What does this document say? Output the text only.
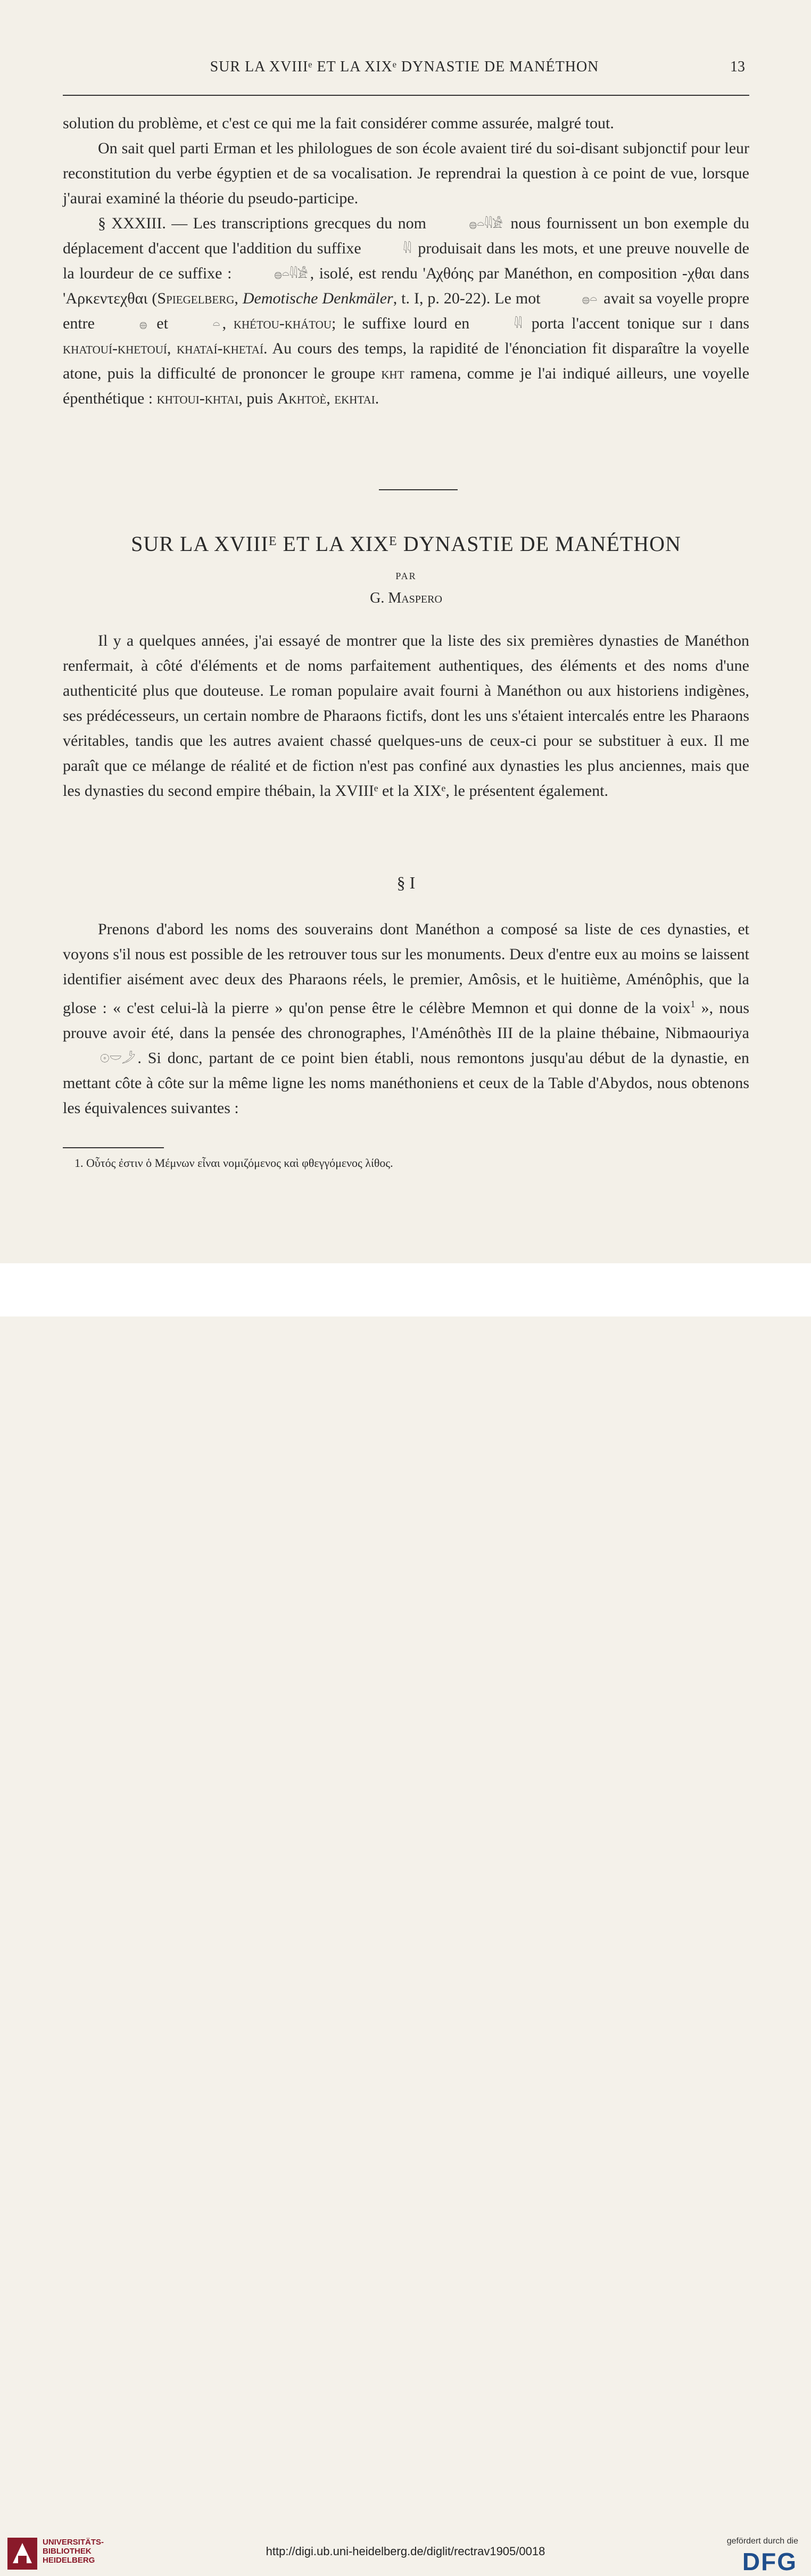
SUR LA XVIIIᵉ ET LA XIXᵉ DYNASTIE DE MANÉTHON	13

solution du problème, et c'est ce qui me la fait considérer comme assurée, malgré tout.

On sait quel parti Erman et les philologues de son école avaient tiré du soi-disant subjonctif pour leur reconstitution du verbe égyptien et de sa vocalisation. Je reprendrai la question à ce point de vue, lorsque j'aurai examiné la théorie du pseudo-participe.

§ XXXIII. — Les transcriptions grecques du nom	𓐍𓏏𓇋𓇋𓀀 nous fournissent un bon exemple du déplacement d'accent que l'addition du suffixe	𓇋𓇋 produisait dans les mots, et une preuve nouvelle de la lourdeur de ce suffixe :	𓐍𓏏𓇋𓇋𓀀 , isolé, est rendu 'Αχθόης par Manéthon, en composition -χθαι dans 'Αρκεντεχθαι (Spiegelberg, Demotische Denkmäler, t. I, p. 20-22). Le mot	𓐍𓏏 avait sa voyelle propre entre	𓐍 et	𓏏 , khétou-khátou; le suffixe lourd en	𓇋𓇋 porta l'accent tonique sur i dans khatouí-khetouí, khataí-khetaí. Au cours des temps, la rapidité de l'énonciation fit disparaître la voyelle atone, puis la difficulté de prononcer le groupe kht ramena, comme je l'ai indiqué ailleurs, une voyelle épenthétique : khtoui-khtai, puis Akhtoè, ekhtai.

SUR LA XVIIIᴱ ET LA XIXᴱ DYNASTIE DE MANÉTHON
PAR
G. Maspero

Il y a quelques années, j'ai essayé de montrer que la liste des six premières dynasties de Manéthon renfermait, à côté d'éléments et de noms parfaitement authentiques, des éléments et des noms d'une authenticité plus que douteuse. Le roman populaire avait fourni à Manéthon ou aux historiens indigènes, ses prédécesseurs, un certain nombre de Pharaons fictifs, dont les uns s'étaient intercalés entre les Pharaons véritables, tandis que les autres avaient chassé quelques-uns de ceux-ci pour se substituer à eux. Il me paraît que ce mélange de réalité et de fiction n'est pas confiné aux dynasties les plus anciennes, mais que les dynasties du second empire thébain, la XVIIIᵉ et la XIXᵉ, le présentent également.

§ I

Prenons d'abord les noms des souverains dont Manéthon a composé sa liste de ces dynasties, et voyons s'il nous est possible de les retrouver tous sur les monuments. Deux d'entre eux au moins se laissent identifier aisément avec deux des Pharaons réels, le premier, Amôsis, et le huitième, Aménôphis, que la glose : « c'est celui-là la pierre » qu'on pense être le célèbre Memnon et qui donne de la voix$^1$ », nous prouve avoir été, dans la pensée des chronographes, l'Aménôthès III de la plaine thébaine, Nibmaouriya 𓇳𓎟𓌳 . Si donc, partant de ce point bien établi, nous remontons jusqu'au début de la dynastie, en mettant côte à côte sur la même ligne les noms manéthoniens et ceux de la Table d'Abydos, nous obtenons les équivalences suivantes :

1. Οὗτός ἐστιν ὁ Μέμνων εἶναι νομιζόμενος καὶ φθεγγόμενος λίθος.
UNIVERSITÄTS-
BIBLIOTHEK
HEIDELBERG
http://digi.ub.uni-heidelberg.de/diglit/rectrav1905/0018
gefördert durch die
DFG
